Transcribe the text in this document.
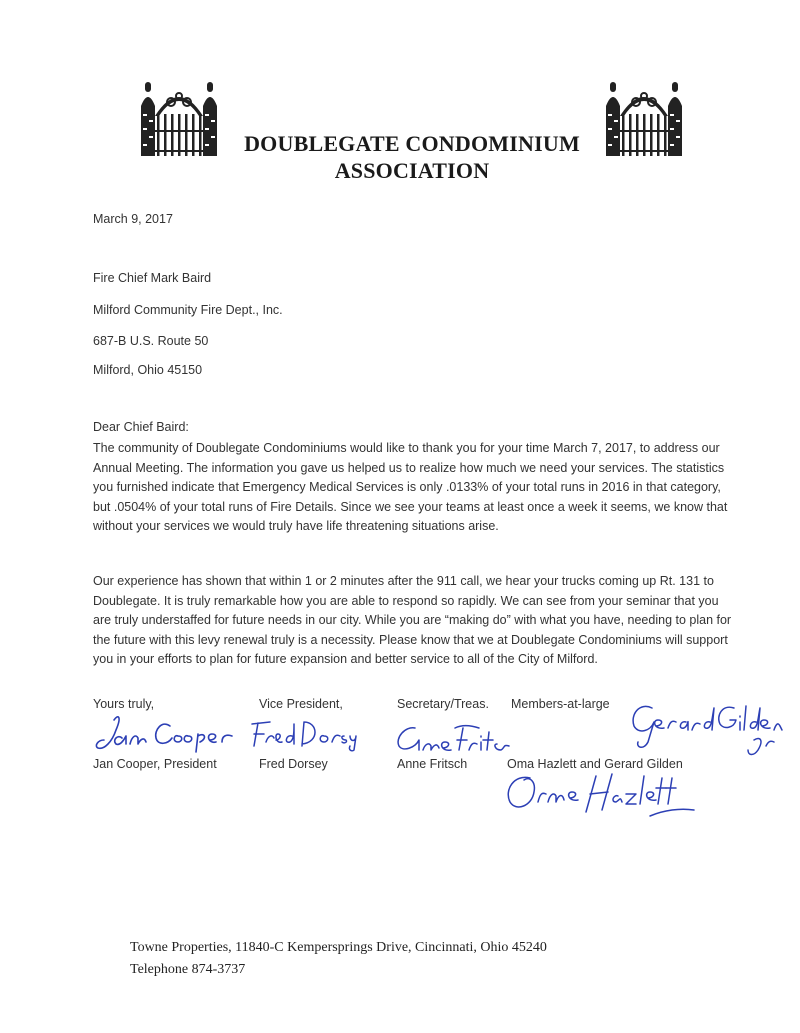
DOUBLEGATE CONDOMINIUM ASSOCIATION
March 9, 2017
Fire Chief Mark Baird
Milford Community Fire Dept., Inc.
687-B U.S. Route 50
Milford, Ohio 45150
Dear Chief Baird:
The community of Doublegate Condominiums would like to thank you for your time March 7, 2017, to address our Annual Meeting. The information you gave us helped us to realize how much we need your services. The statistics you furnished indicate that Emergency Medical Services is only .0133% of your total runs in 2016 in that category, but .0504% of your total runs of Fire Details. Since we see your teams at least once a week it seems, we know that without your services we would truly have life threatening situations arise.
Our experience has shown that within 1 or 2 minutes after the 911 call, we hear your trucks coming up Rt. 131 to Doublegate. It is truly remarkable how you are able to respond so rapidly. We can see from your seminar that you are truly understaffed for future needs in our city. While you are “making do” with what you have, needing to plan for the future with this levy renewal truly is a necessity. Please know that we at Doublegate Condominiums will support you in your efforts to plan for future expansion and better service to all of the City of Milford.
Yours truly,	Vice President,	Secretary/Treas. Members-at-large
Jan Cooper, President	Fred Dorsey	Anne Fritsch	Oma Hazlett and Gerard Gilden
Towne Properties, 11840-C Kempersprings Drive, Cincinnati, Ohio 45240
Telephone 874-3737
